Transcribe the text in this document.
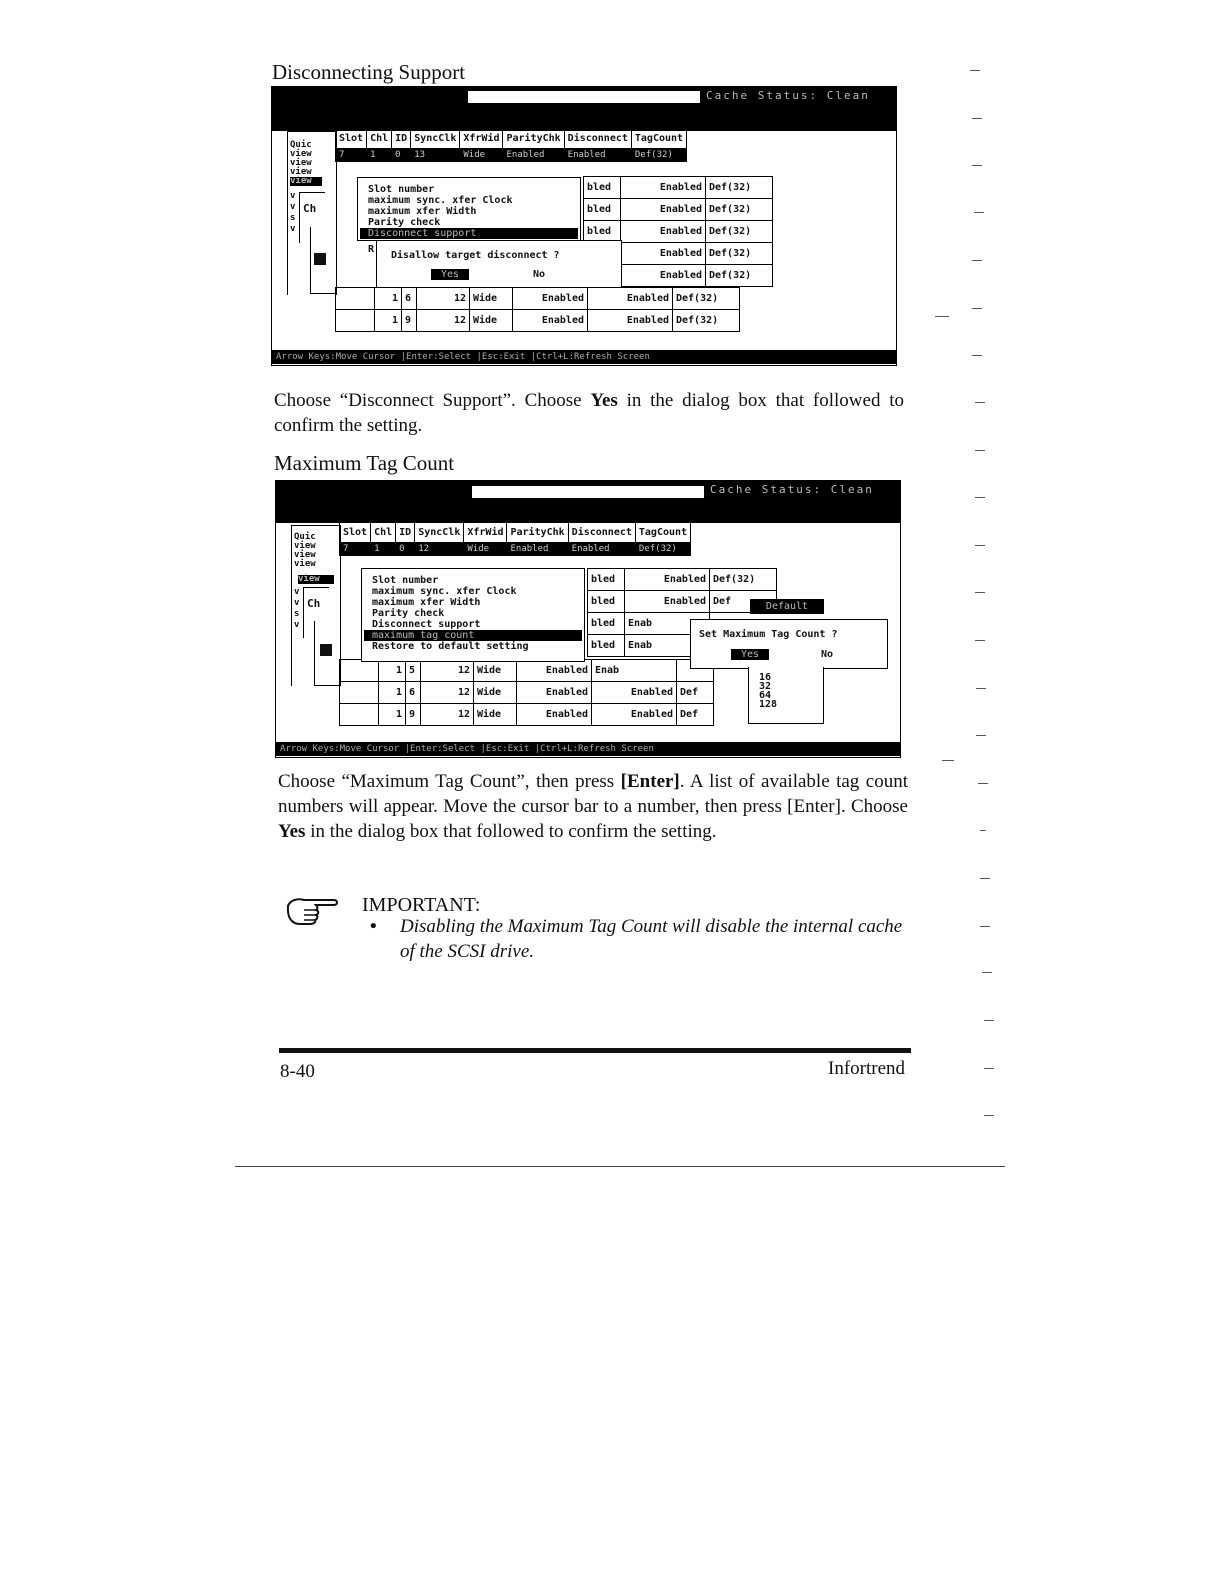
Disconnecting Support
Cache Status: Clean
Quic
view
view
view
view
v
v
s
v
Ch
Slot	Chl	ID	SyncClk	XfrWid	ParityChk	Disconnect	TagCount
7	1	0	13	Wide	Enabled	Enabled	Def(32)
bled	Enabled	Def(32)
bled	Enabled	Def(32)
bled	Enabled	Def(32)
	Enabled	Def(32)
	Enabled	Def(32)
	1	6	12	Wide	Enabled	Enabled	Def(32)
	1	9	12	Wide	Enabled	Enabled	Def(32)
Slot number
maximum sync. xfer Clock
maximum xfer Width
Parity check
Disconnect support
R
Disallow target disconnect ?
Yes	No
Arrow Keys:Move Cursor |Enter:Select |Esc:Exit |Ctrl+L:Refresh Screen
Choose “Disconnect Support”. Choose Yes in the dialog box that followed to confirm the setting.
Maximum Tag Count
Cache Status: Clean
Quic
view
view
view
view
v
v
s
v
Ch
Slot	Chl	ID	SyncClk	XfrWid	ParityChk	Disconnect	TagCount
7	1	0	12	Wide	Enabled	Enabled	Def(32)
bled	Enabled	Def(32)
bled	Enabled	Def
bled	Enab	
bled	Enab	
	1	5	12	Wide	Enabled	Enab	
	1	6	12	Wide	Enabled	Enabled	Def
	1	9	12	Wide	Enabled	Enabled	Def
Slot number
maximum sync. xfer Clock
maximum xfer Width
Parity check
Disconnect support
maximum tag count
Restore to default setting
Default
Set Maximum Tag Count ?
Yes	No
16
32
64
128
Arrow Keys:Move Cursor |Enter:Select |Esc:Exit |Ctrl+L:Refresh Screen
Choose “Maximum Tag Count”, then press [Enter]. A list of available tag count numbers will appear. Move the cursor bar to a number, then press [Enter]. Choose Yes in the dialog box that followed to confirm the setting.
IMPORTANT:
• Disabling the Maximum Tag Count will disable the internal cache of the SCSI drive.
8-40	Infortrend
